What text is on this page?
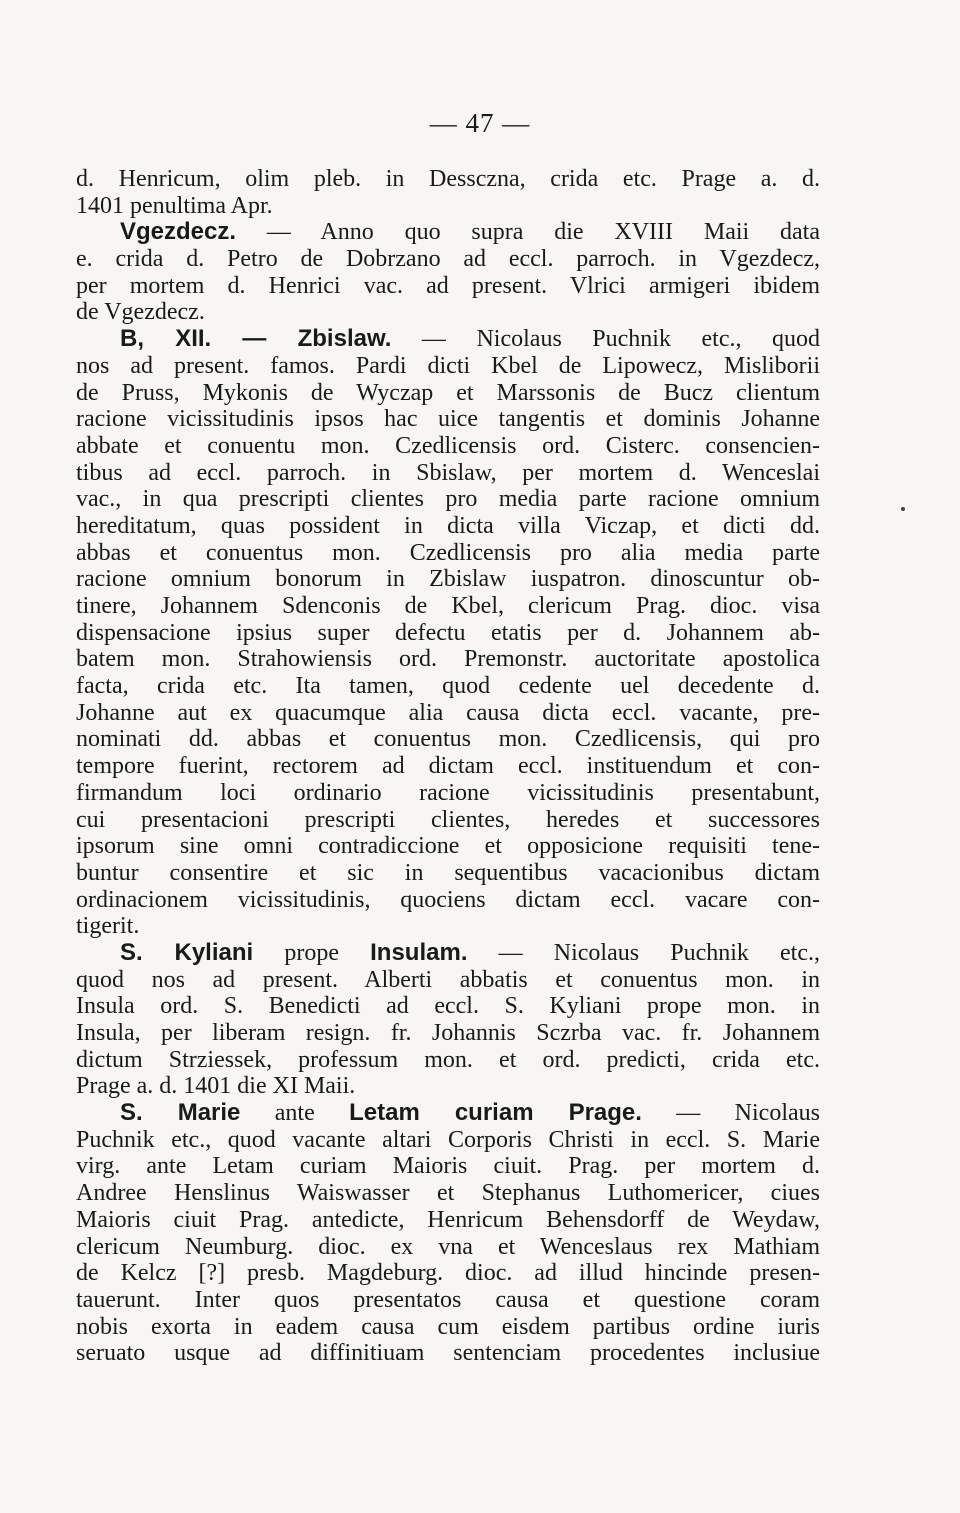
— 47 —
d. Henricum, olim pleb. in Dessczna, crida etc. Prage a. d.
1401 penultima Apr.
Vgezdecz. — Anno quo supra die XVIII Maii data
e. crida d. Petro de Dobrzano ad eccl. parroch. in Vgezdecz,
per mortem d. Henrici vac. ad present. Vlrici armigeri ibidem
de Vgezdecz.
B, XII. — Zbislaw. — Nicolaus Puchnik etc., quod
nos ad present. famos. Pardi dicti Kbel de Lipowecz, Misliborii
de Pruss, Mykonis de Wyczap et Marssonis de Bucz clientum
racione vicissitudinis ipsos hac uice tangentis et dominis Johanne
abbate et conuentu mon. Czedlicensis ord. Cisterc. consencien-
tibus ad eccl. parroch. in Sbislaw, per mortem d. Wenceslai
vac., in qua prescripti clientes pro media parte racione omnium
hereditatum, quas possident in dicta villa Viczap, et dicti dd.
abbas et conuentus mon. Czedlicensis pro alia media parte
racione omnium bonorum in Zbislaw iuspatron. dinoscuntur ob-
tinere, Johannem Sdenconis de Kbel, clericum Prag. dioc. visa
dispensacione ipsius super defectu etatis per d. Johannem ab-
batem mon. Strahowiensis ord. Premonstr. auctoritate apostolica
facta, crida etc. Ita tamen, quod cedente uel decedente d.
Johanne aut ex quacumque alia causa dicta eccl. vacante, pre-
nominati dd. abbas et conuentus mon. Czedlicensis, qui pro
tempore fuerint, rectorem ad dictam eccl. instituendum et con-
firmandum loci ordinario racione vicissitudinis presentabunt,
cui presentacioni prescripti clientes, heredes et successores
ipsorum sine omni contradiccione et opposicione requisiti tene-
buntur consentire et sic in sequentibus vacacionibus dictam
ordinacionem vicissitudinis, quociens dictam eccl. vacare con-
tigerit.
S. Kyliani prope Insulam. — Nicolaus Puchnik etc.,
quod nos ad present. Alberti abbatis et conuentus mon. in
Insula ord. S. Benedicti ad eccl. S. Kyliani prope mon. in
Insula, per liberam resign. fr. Johannis Sczrba vac. fr. Johannem
dictum Strziessek, professum mon. et ord. predicti, crida etc.
Prage a. d. 1401 die XI Maii.
S. Marie ante Letam curiam Prage. — Nicolaus
Puchnik etc., quod vacante altari Corporis Christi in eccl. S. Marie
virg. ante Letam curiam Maioris ciuit. Prag. per mortem d.
Andree Henslinus Waiswasser et Stephanus Luthomericer, ciues
Maioris ciuit Prag. antedicte, Henricum Behensdorff de Weydaw,
clericum Neumburg. dioc. ex vna et Wenceslaus rex Mathiam
de Kelcz [?] presb. Magdeburg. dioc. ad illud hincinde presen-
tauerunt. Inter quos presentatos causa et questione coram
nobis exorta in eadem causa cum eisdem partibus ordine iuris
seruato usque ad diffinitiuam sentenciam procedentes inclusiue
